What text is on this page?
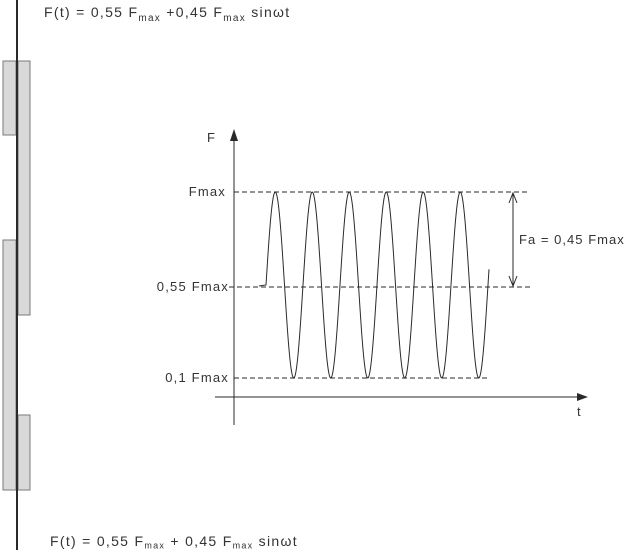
F(t) = 0,55 $F_{max} +0,45$ $F_{max}$ sinωt
F
t
Fmax
0,55 Fmax
0,1 Fmax
Fa = 0,45 Fmax
F(t) = 0,55 Fmax + 0,45 Fmax sinωt
